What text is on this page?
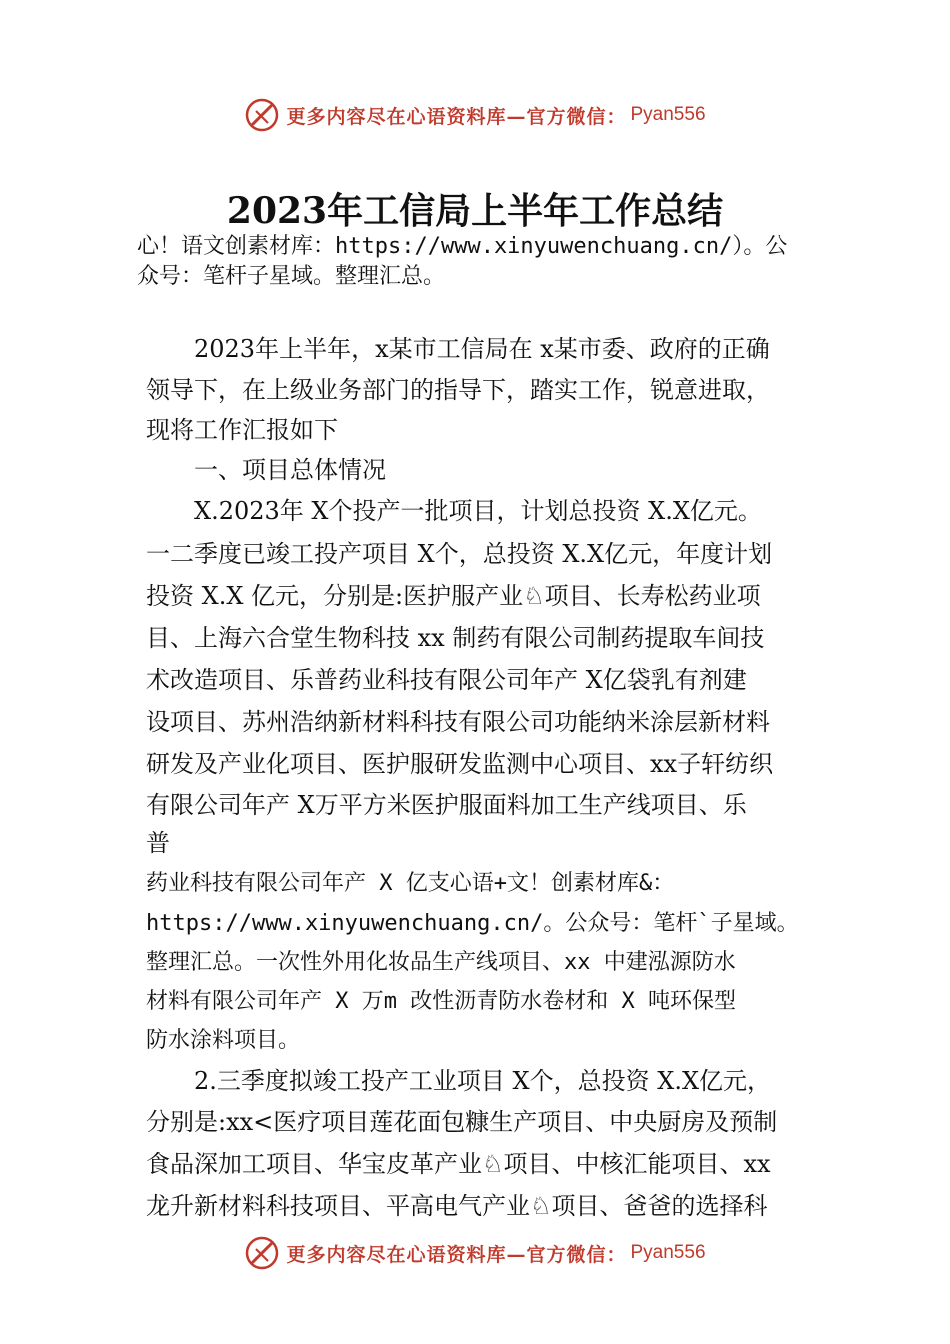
更多内容尽在心语资料库—官方微信： Pyan556
2023年工信局上半年工作总结

心！语文创素材库：https://www.xinyuwenchuang.cn/）。公

众号：笔杆子星域。整理汇总。

2023年上半年，x某市工信局在 x某市委、政府的正确

领导下，在上级业务部门的指导下，踏实工作，锐意进取，

现将工作汇报如下

一、项目总体情况

X.2023年 X个投产一批项目，计划总投资 X.X亿元。

一二季度已竣工投产项目 X个，总投资 X.X亿元，年度计划

投资 X.X 亿元，分别是:医护服产业♘项目、长寿松药业项

目、上海六合堂生物科技 xx 制药有限公司制药提取车间技

术改造项目、乐普药业科技有限公司年产 X亿袋乳有剂建

设项目、苏州浩纳新材料科技有限公司功能纳米涂层新材料

研发及产业化项目、医护服研发监测中心项目、xx子轩纺织

有限公司年产 X万平方米医护服面料加工生产线项目、乐

普

药业科技有限公司年产 X 亿支心语+文！创素材库&：

https://www.xinyuwenchuang.cn/。公众号：笔杆`子星域。

整理汇总。一次性外用化妆品生产线项目、xx 中建泓源防水

材料有限公司年产 X 万m 改性沥青防水卷材和 X 吨环保型

防水涂料项目。

2.三季度拟竣工投产工业项目 X个，总投资 X.X亿元，

分别是:xx<医疗项目莲花面包糠生产项目、中央厨房及预制

食品深加工项目、华宝皮革产业♘项目、中核汇能项目、xx

龙升新材料科技项目、平高电气产业♘项目、爸爸的选择科

更多内容尽在心语资料库—官方微信： Pyan556
